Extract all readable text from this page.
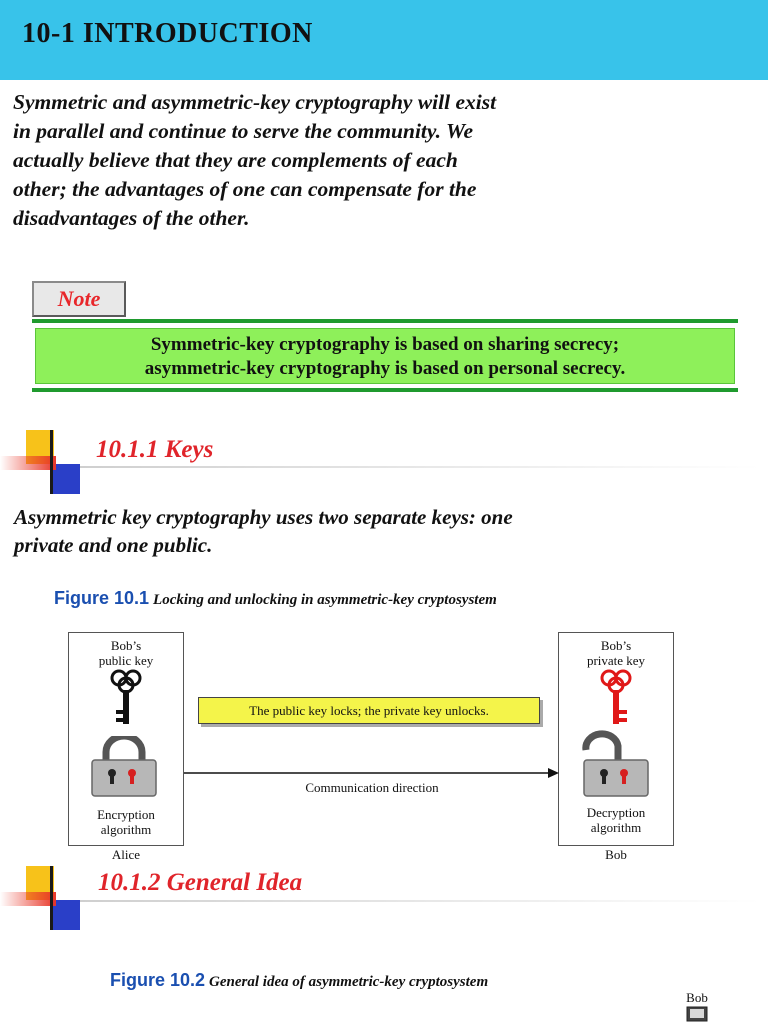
10-1 INTRODUCTION
Symmetric and asymmetric-key cryptography will exist
in parallel and continue to serve the community. We
actually believe that they are complements of each
other; the advantages of one can compensate for the
disadvantages of the other.
Note
Symmetric-key cryptography is based on sharing secrecy;
asymmetric-key cryptography is based on personal secrecy.
10.1.1 Keys
Asymmetric key cryptography uses two separate keys: one
private and one public.
Figure 10.1 Locking and unlocking in asymmetric-key cryptosystem
Bob’s
public key
Encryption
algorithm
Alice
Bob’s
private key
Decryption
algorithm
Bob
The public key locks; the private key unlocks.
Communication direction
10.1.2 General Idea
Figure 10.2 General idea of asymmetric-key cryptosystem
Bob
